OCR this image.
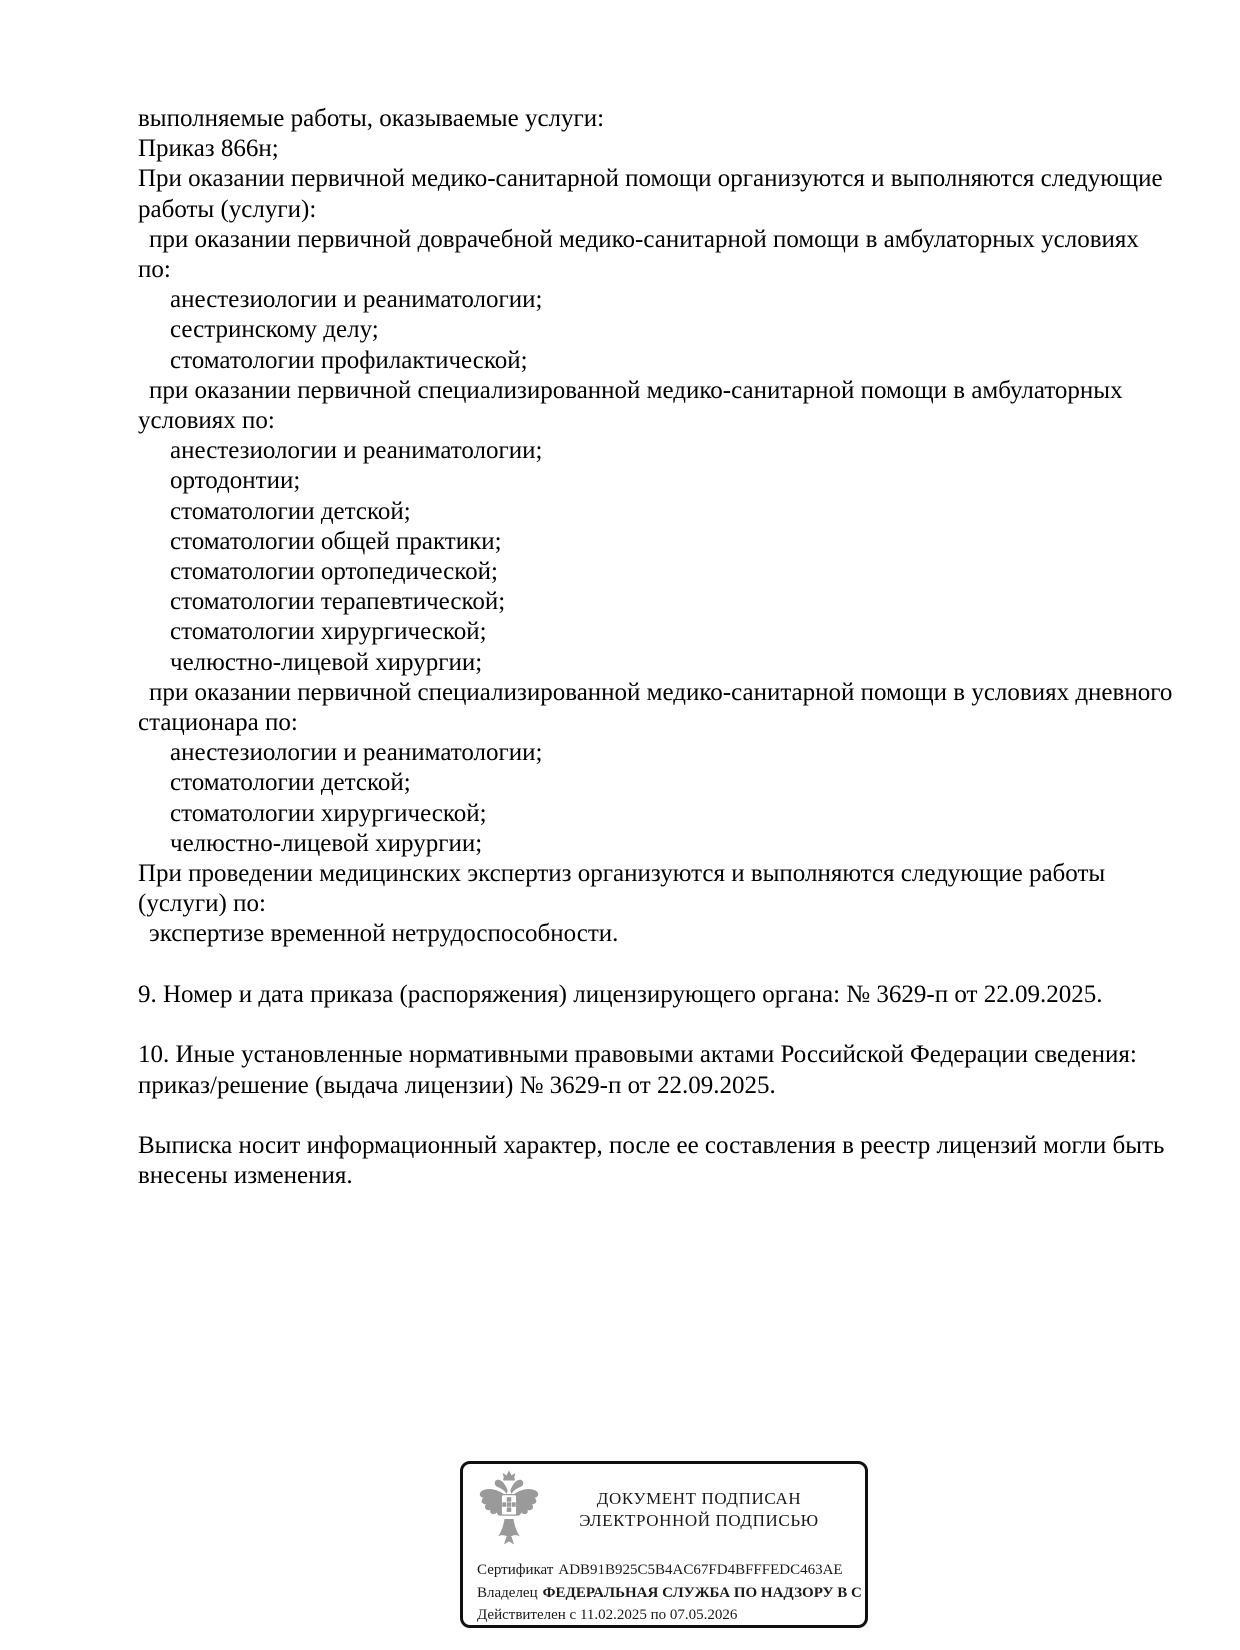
выполняемые работы, оказываемые услуги:
Приказ 866н;
При оказании первичной медико-санитарной помощи организуются и выполняются следующие
работы (услуги):
при оказании первичной доврачебной медико-санитарной помощи в амбулаторных условиях
по:
анестезиологии и реаниматологии;
сестринскому делу;
стоматологии профилактической;
при оказании первичной специализированной медико-санитарной помощи в амбулаторных
условиях по:
анестезиологии и реаниматологии;
ортодонтии;
стоматологии детской;
стоматологии общей практики;
стоматологии ортопедической;
стоматологии терапевтической;
стоматологии хирургической;
челюстно-лицевой хирургии;
при оказании первичной специализированной медико-санитарной помощи в условиях дневного
стационара по:
анестезиологии и реаниматологии;
стоматологии детской;
стоматологии хирургической;
челюстно-лицевой хирургии;
При проведении медицинских экспертиз организуются и выполняются следующие работы
(услуги) по:
экспертизе временной нетрудоспособности.

9. Номер и дата приказа (распоряжения) лицензирующего органа: № 3629-п от 22.09.2025.

10. Иные установленные нормативными правовыми актами Российской Федерации сведения:
приказ/решение (выдача лицензии) № 3629-п от 22.09.2025.

Выписка носит информационный характер, после ее составления в реестр лицензий могли быть
внесены изменения.
ДОКУМЕНТ ПОДПИСАН
ЭЛЕКТРОННОЙ ПОДПИСЬЮ
Сертификат ADB91B925C5B4AC67FD4BFFFEDC463AE
Владелец ФЕДЕРАЛЬНАЯ СЛУЖБА ПО НАДЗОРУ В С
Действителен с 11.02.2025 по 07.05.2026
